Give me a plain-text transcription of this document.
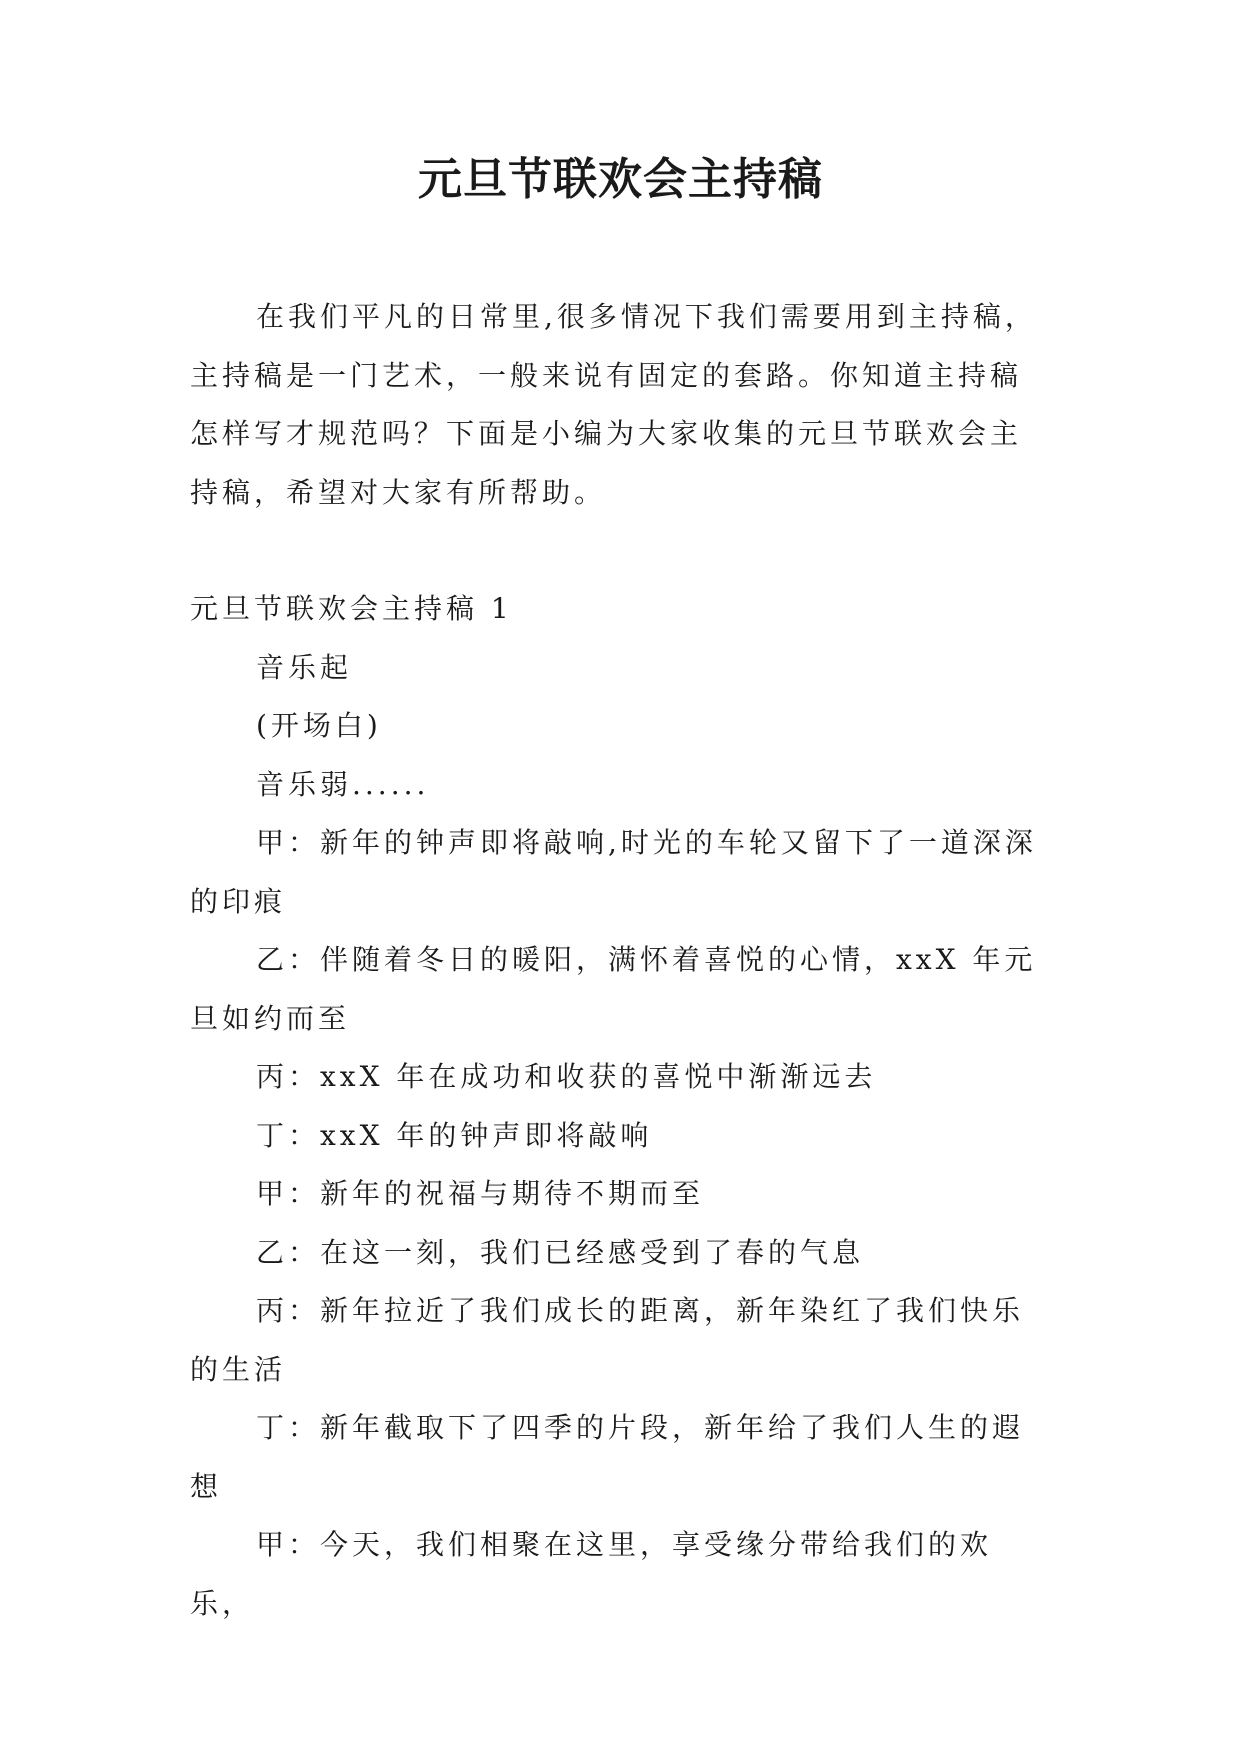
元旦节联欢会主持稿

在我们平凡的日常里,很多情况下我们需要用到主持稿，主持稿是一门艺术，一般来说有固定的套路。你知道主持稿怎样写才规范吗？下面是小编为大家收集的元旦节联欢会主持稿，希望对大家有所帮助。

元旦节联欢会主持稿 1

音乐起

(开场白)

音乐弱......

甲：新年的钟声即将敲响,时光的车轮又留下了一道深深的印痕

乙：伴随着冬日的暖阳，满怀着喜悦的心情，xxX 年元旦如约而至

丙：xxX 年在成功和收获的喜悦中渐渐远去

丁：xxX 年的钟声即将敲响

甲：新年的祝福与期待不期而至

乙：在这一刻，我们已经感受到了春的气息

丙：新年拉近了我们成长的距离，新年染红了我们快乐的生活

丁：新年截取下了四季的片段，新年给了我们人生的遐想

甲：今天，我们相聚在这里，享受缘分带给我们的欢乐，
